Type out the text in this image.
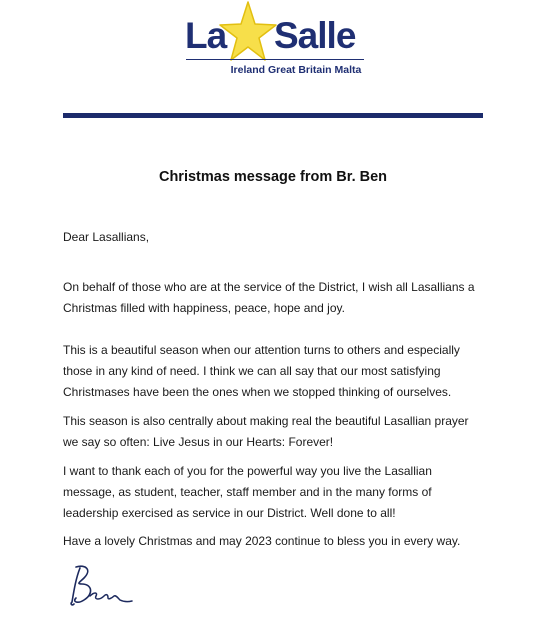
La Salle
Ireland Great Britain Malta
Christmas message from Br. Ben

Dear Lasallians,

On behalf of those who are at the service of the District, I wish all Lasallians a Christmas filled with happiness, peace, hope and joy.

This is a beautiful season when our attention turns to others and especially those in any kind of need. I think we can all say that our most satisfying Christmases have been the ones when we stopped thinking of ourselves.

This season is also centrally about making real the beautiful Lasallian prayer we say so often: Live Jesus in our Hearts: Forever!

I want to thank each of you for the powerful way you live the Lasallian message, as student, teacher, staff member and in the many forms of leadership exercised as service in our District. Well done to all!

Have a lovely Christmas and may 2023 continue to bless you in every way.
